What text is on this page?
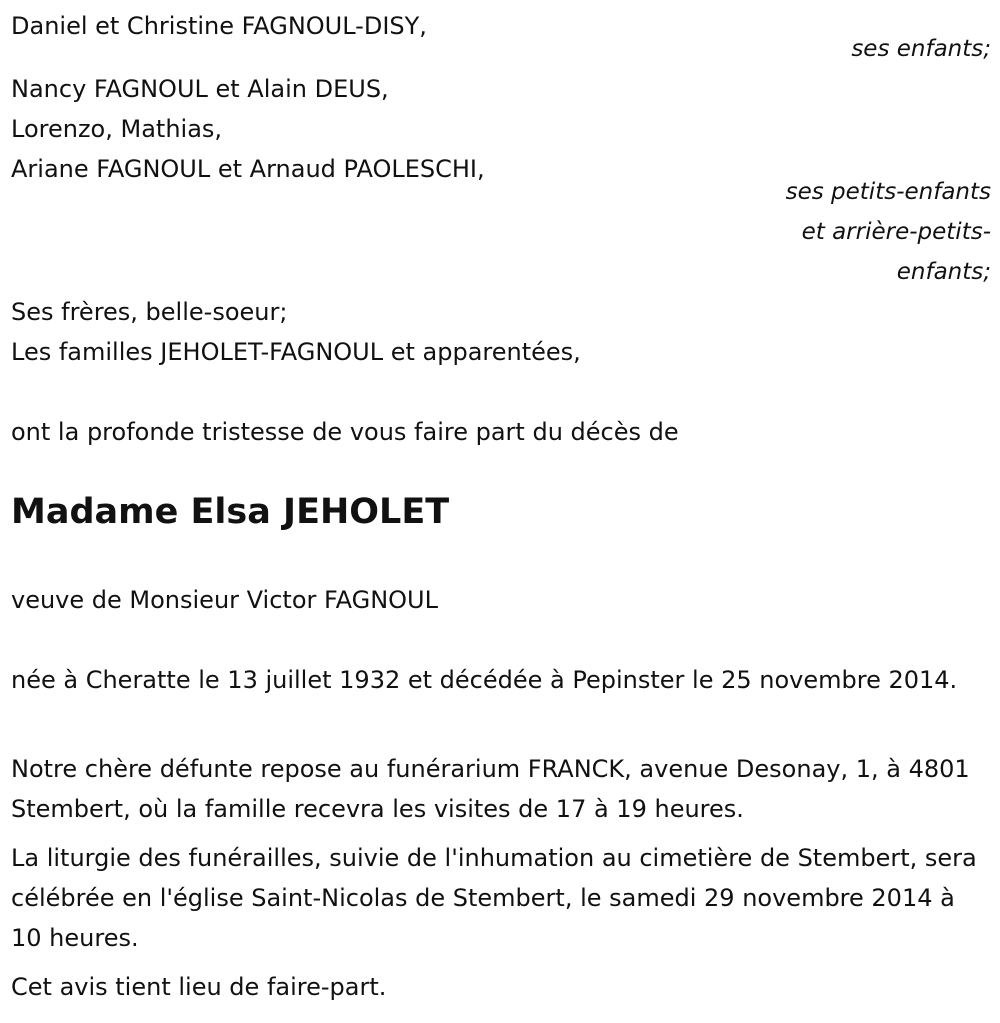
Daniel et Christine FAGNOUL-DISY,
ses enfants;
Nancy FAGNOUL et Alain DEUS,
Lorenzo, Mathias,
Ariane FAGNOUL et Arnaud PAOLESCHI,
ses petits-enfants
et arrière-petits-
enfants;
Ses frères, belle-soeur;
Les familles JEHOLET-FAGNOUL et apparentées,
ont la profonde tristesse de vous faire part du décès de
Madame Elsa JEHOLET
veuve de Monsieur Victor FAGNOUL
née à Cheratte le 13 juillet 1932 et décédée à Pepinster le 25 novembre 2014.
Notre chère défunte repose au funérarium FRANCK, avenue Desonay, 1, à 4801 Stembert, où la famille recevra les visites de 17 à 19 heures.
La liturgie des funérailles, suivie de l'inhumation au cimetière de Stembert, sera célébrée en l'église Saint-Nicolas de Stembert, le samedi 29 novembre 2014 à 10 heures.
Cet avis tient lieu de faire-part.
